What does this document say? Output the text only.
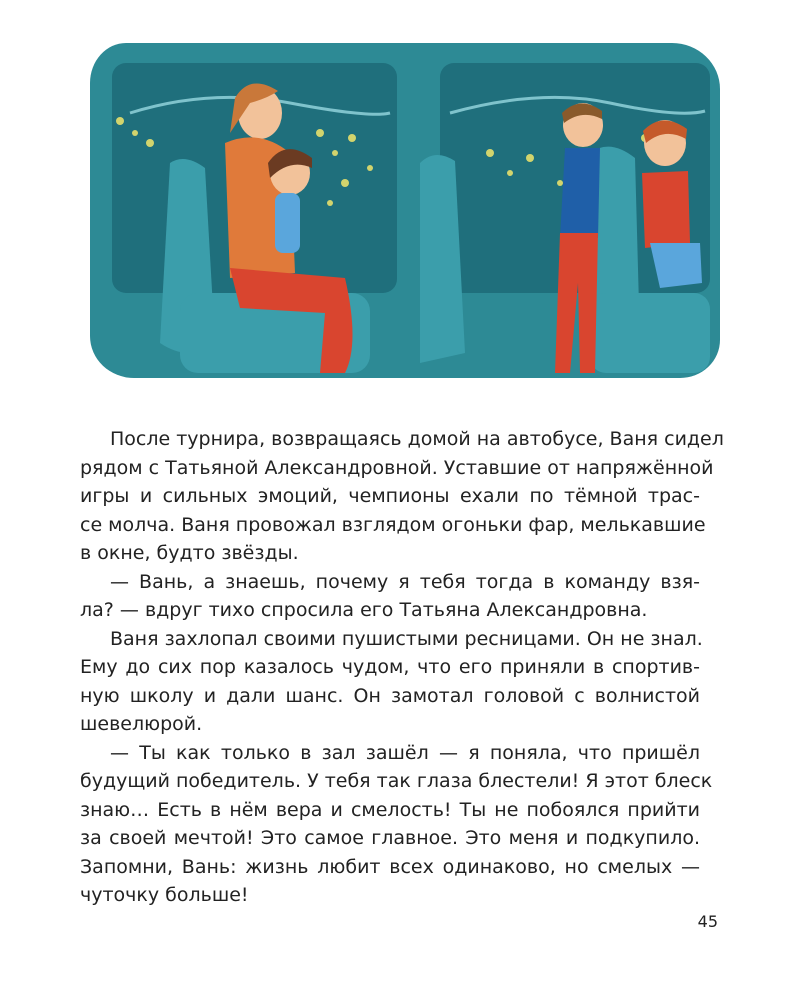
После турнира, возвращаясь домой на автобусе, Ваня сидел
рядом с Татьяной Александровной. Уставшие от напряжённой
игры и сильных эмоций, чемпионы ехали по тёмной трас-
се молча. Ваня провожал взглядом огоньки фар, мелькавшие
в окне, будто звёзды.

— Вань, а знаешь, почему я тебя тогда в команду взя-
ла? — вдруг тихо спросила его Татьяна Александровна.

Ваня захлопал своими пушистыми ресницами. Он не знал.
Ему до сих пор казалось чудом, что его приняли в спортив-
ную школу и дали шанс. Он замотал головой с волнистой
шевелюрой.

— Ты как только в зал зашёл — я поняла, что пришёл
будущий победитель. У тебя так глаза блестели! Я этот блеск
знаю… Есть в нём вера и смелость! Ты не побоялся прийти
за своей мечтой! Это самое главное. Это меня и подкупило.
Запомни, Вань: жизнь любит всех одинаково, но смелых —
чуточку больше!

45
